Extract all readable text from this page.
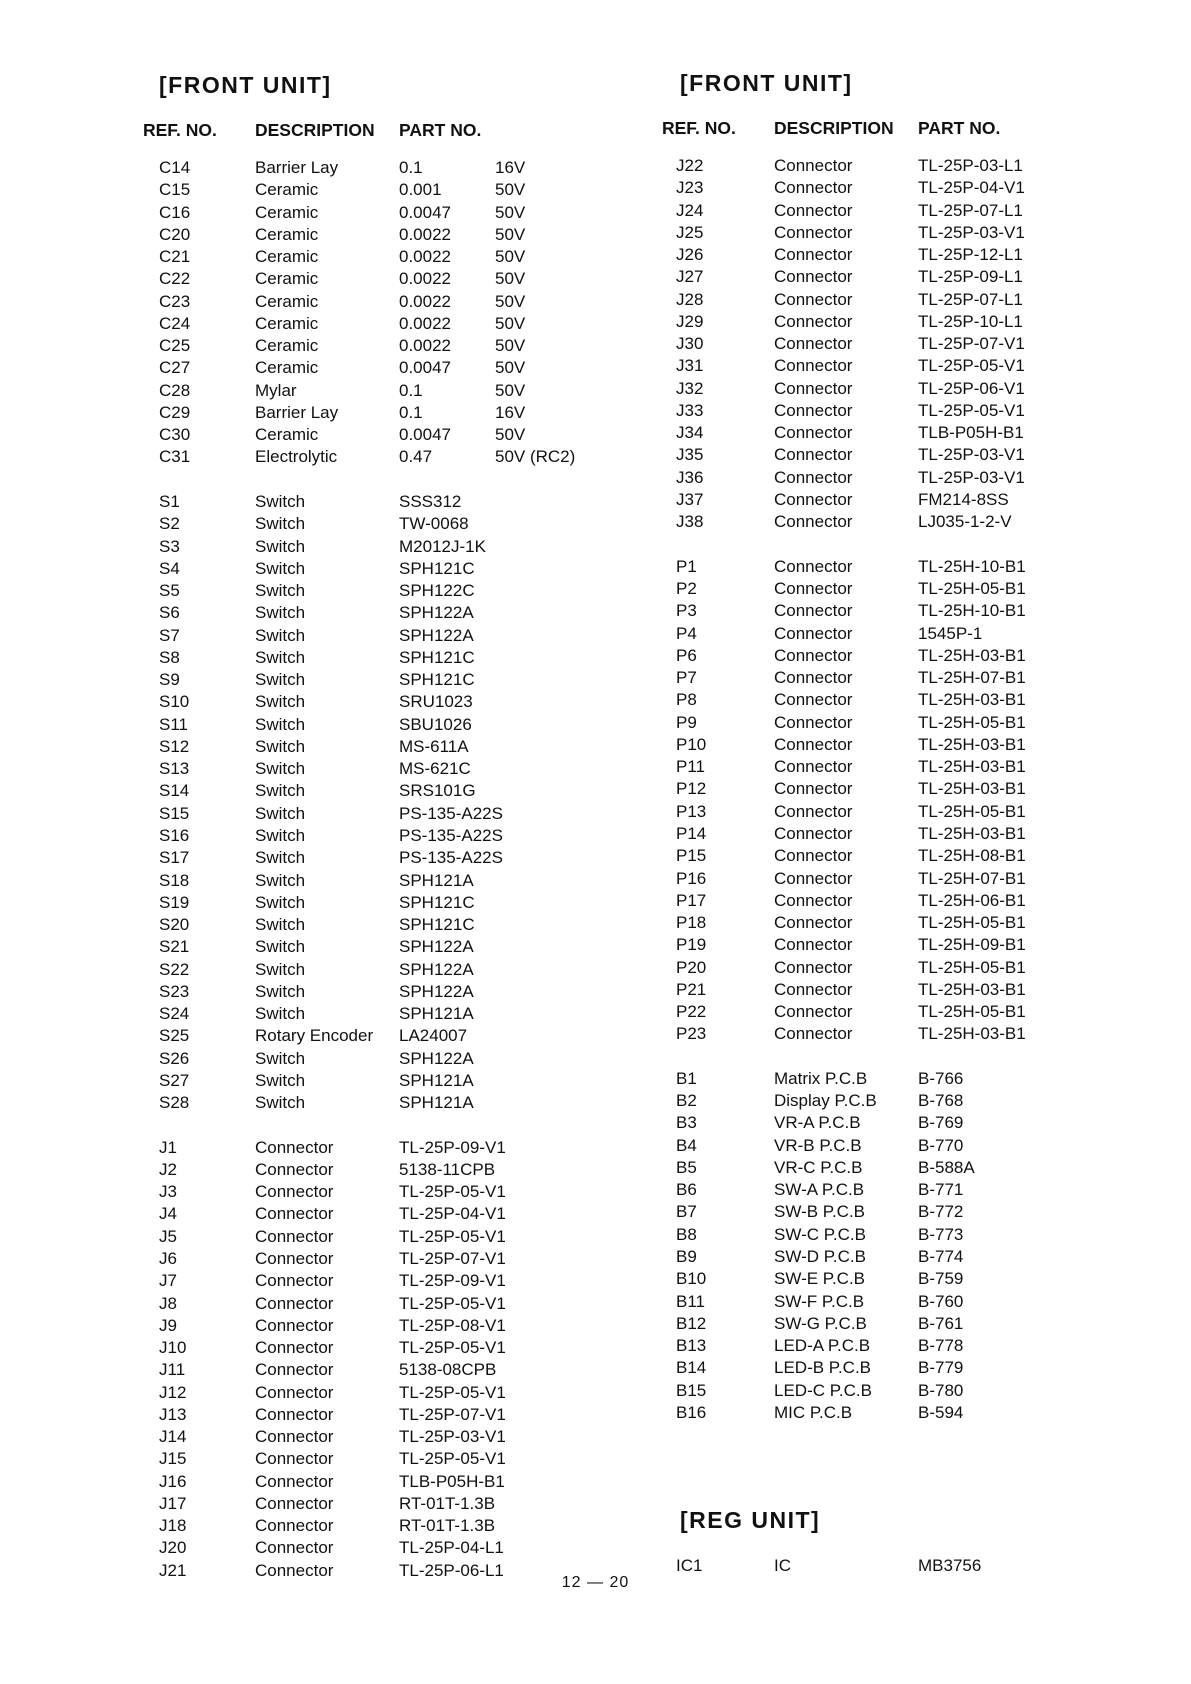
[FRONT UNIT]
REF. NO. DESCRIPTION PART NO.
C14	Barrier Lay	0.1	16V
C15	Ceramic	0.001	50V
C16	Ceramic	0.0047	50V
C20	Ceramic	0.0022	50V
C21	Ceramic	0.0022	50V
C22	Ceramic	0.0022	50V
C23	Ceramic	0.0022	50V
C24	Ceramic	0.0022	50V
C25	Ceramic	0.0022	50V
C27	Ceramic	0.0047	50V
C28	Mylar	0.1	50V
C29	Barrier Lay	0.1	16V
C30	Ceramic	0.0047	50V
C31	Electrolytic	0.47	50V (RC2)
S1	Switch	SSS312
S2	Switch	TW-0068
S3	Switch	M2012J-1K
S4	Switch	SPH121C
S5	Switch	SPH122C
S6	Switch	SPH122A
S7	Switch	SPH122A
S8	Switch	SPH121C
S9	Switch	SPH121C
S10	Switch	SRU1023
S11	Switch	SBU1026
S12	Switch	MS-611A
S13	Switch	MS-621C
S14	Switch	SRS101G
S15	Switch	PS-135-A22S
S16	Switch	PS-135-A22S
S17	Switch	PS-135-A22S
S18	Switch	SPH121A
S19	Switch	SPH121C
S20	Switch	SPH121C
S21	Switch	SPH122A
S22	Switch	SPH122A
S23	Switch	SPH122A
S24	Switch	SPH121A
S25	Rotary Encoder LA24007
S26	Switch	SPH122A
S27	Switch	SPH121A
S28	Switch	SPH121A
J1	Connector	TL-25P-09-V1
J2	Connector	5138-11CPB
J3	Connector	TL-25P-05-V1
J4	Connector	TL-25P-04-V1
J5	Connector	TL-25P-05-V1
J6	Connector	TL-25P-07-V1
J7	Connector	TL-25P-09-V1
J8	Connector	TL-25P-05-V1
J9	Connector	TL-25P-08-V1
J10	Connector	TL-25P-05-V1
J11	Connector	5138-08CPB
J12	Connector	TL-25P-05-V1
J13	Connector	TL-25P-07-V1
J14	Connector	TL-25P-03-V1
J15	Connector	TL-25P-05-V1
J16	Connector	TLB-P05H-B1
J17	Connector	RT-01T-1.3B
J18	Connector	RT-01T-1.3B
J20	Connector	TL-25P-04-L1
J21	Connector	TL-25P-06-L1
[FRONT UNIT]
REF. NO. DESCRIPTION PART NO.
J22	Connector	TL-25P-03-L1
J23	Connector	TL-25P-04-V1
J24	Connector	TL-25P-07-L1
J25	Connector	TL-25P-03-V1
J26	Connector	TL-25P-12-L1
J27	Connector	TL-25P-09-L1
J28	Connector	TL-25P-07-L1
J29	Connector	TL-25P-10-L1
J30	Connector	TL-25P-07-V1
J31	Connector	TL-25P-05-V1
J32	Connector	TL-25P-06-V1
J33	Connector	TL-25P-05-V1
J34	Connector	TLB-P05H-B1
J35	Connector	TL-25P-03-V1
J36	Connector	TL-25P-03-V1
J37	Connector	FM214-8SS
J38	Connector	LJ035-1-2-V
P1	Connector	TL-25H-10-B1
P2	Connector	TL-25H-05-B1
P3	Connector	TL-25H-10-B1
P4	Connector	1545P-1
P6	Connector	TL-25H-03-B1
P7	Connector	TL-25H-07-B1
P8	Connector	TL-25H-03-B1
P9	Connector	TL-25H-05-B1
P10	Connector	TL-25H-03-B1
P11	Connector	TL-25H-03-B1
P12	Connector	TL-25H-03-B1
P13	Connector	TL-25H-05-B1
P14	Connector	TL-25H-03-B1
P15	Connector	TL-25H-08-B1
P16	Connector	TL-25H-07-B1
P17	Connector	TL-25H-06-B1
P18	Connector	TL-25H-05-B1
P19	Connector	TL-25H-09-B1
P20	Connector	TL-25H-05-B1
P21	Connector	TL-25H-03-B1
P22	Connector	TL-25H-05-B1
P23	Connector	TL-25H-03-B1
B1	Matrix P.C.B	B-766
B2	Display P.C.B B-768
B3	VR-A P.C.B	B-769
B4	VR-B P.C.B	B-770
B5	VR-C P.C.B	B-588A
B6	SW-A P.C.B	B-771
B7	SW-B P.C.B	B-772
B8	SW-C P.C.B	B-773
B9	SW-D P.C.B	B-774
B10	SW-E P.C.B	B-759
B11	SW-F P.C.B	B-760
B12	SW-G P.C.B	B-761
B13	LED-A P.C.B	B-778
B14	LED-B P.C.B	B-779
B15	LED-C P.C.B	B-780
B16	MIC P.C.B	B-594
[REG UNIT]
IC1	IC	MB3756
12 — 20
